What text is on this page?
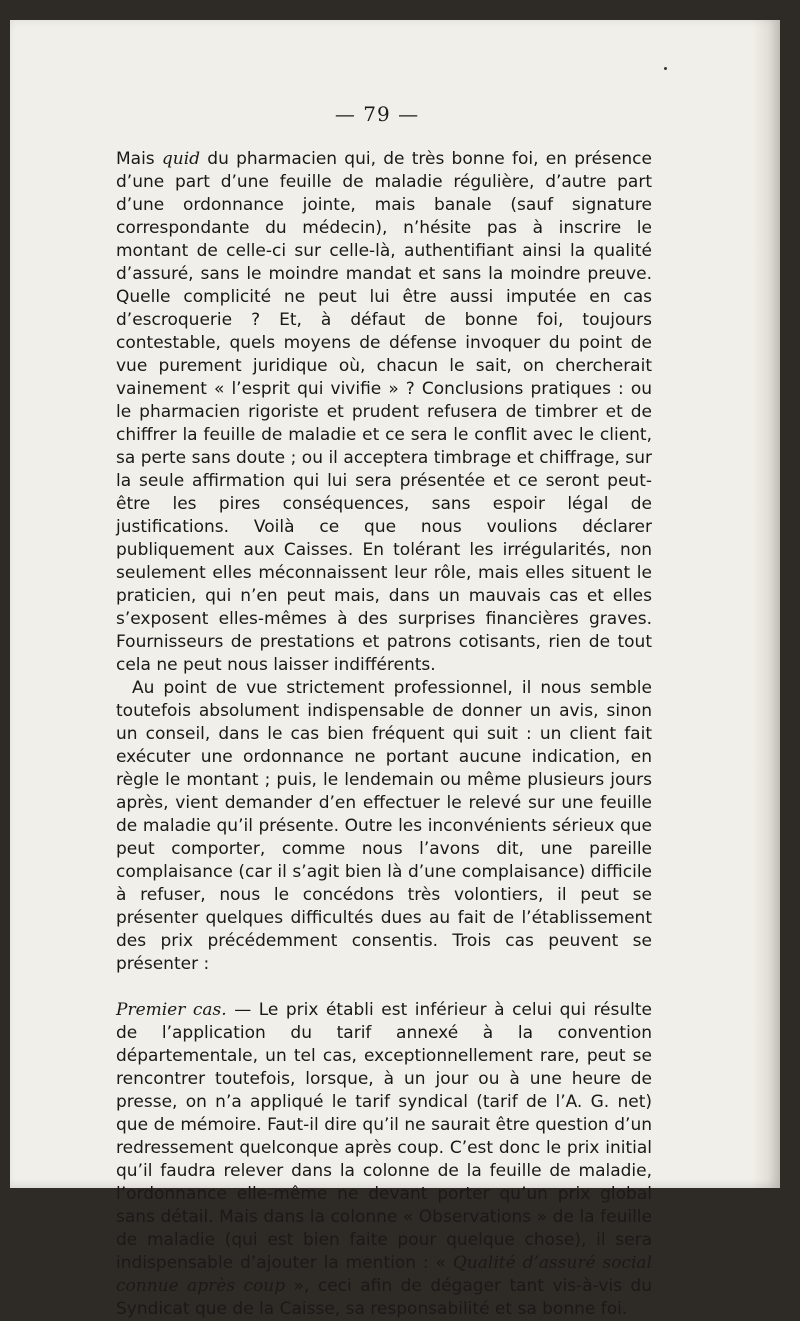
— 79 —

Mais quid du pharmacien qui, de très bonne foi, en présence d’une part d’une feuille de maladie régulière, d’autre part d’une ordonnance jointe, mais banale (sauf signature correspondante du médecin), n’hésite pas à inscrire le montant de celle-ci sur celle-là, authentifiant ainsi la qualité d’assuré, sans le moindre mandat et sans la moindre preuve. Quelle complicité ne peut lui être aussi imputée en cas d’escroquerie ? Et, à défaut de bonne foi, toujours contestable, quels moyens de défense invoquer du point de vue purement juridique où, chacun le sait, on chercherait vainement « l’esprit qui vivifie » ? Conclusions pratiques : ou le pharmacien rigoriste et prudent refusera de timbrer et de chiffrer la feuille de maladie et ce sera le conflit avec le client, sa perte sans doute ; ou il acceptera timbrage et chiffrage, sur la seule affirmation qui lui sera présentée et ce seront peut-être les pires conséquences, sans espoir légal de justifications. Voilà ce que nous voulions déclarer publiquement aux Caisses. En tolérant les irrégularités, non seulement elles méconnaissent leur rôle, mais elles situent le praticien, qui n’en peut mais, dans un mauvais cas et elles s’exposent elles-mêmes à des surprises financières graves. Fournisseurs de prestations et patrons cotisants, rien de tout cela ne peut nous laisser indifférents.

Au point de vue strictement professionnel, il nous semble toutefois absolument indispensable de donner un avis, sinon un conseil, dans le cas bien fréquent qui suit : un client fait exécuter une ordonnance ne portant aucune indication, en règle le montant ; puis, le lendemain ou même plusieurs jours après, vient demander d’en effectuer le relevé sur une feuille de maladie qu’il présente. Outre les inconvénients sérieux que peut comporter, comme nous l’avons dit, une pareille complaisance (car il s’agit bien là d’une complaisance) difficile à refuser, nous le concédons très volontiers, il peut se présenter quelques difficultés dues au fait de l’établissement des prix précédemment consentis. Trois cas peuvent se présenter :

Premier cas. — Le prix établi est inférieur à celui qui résulte de l’application du tarif annexé à la convention départementale, un tel cas, exceptionnellement rare, peut se rencontrer toutefois, lorsque, à un jour ou à une heure de presse, on n’a appliqué le tarif syndical (tarif de l’A. G. net) que de mémoire. Faut-il dire qu’il ne saurait être question d’un redressement quelconque après coup. C’est donc le prix initial qu’il faudra relever dans la colonne de la feuille de maladie, l’ordonnance elle-même ne devant porter qu’un prix global sans détail. Mais dans la colonne « Observations » de la feuille de maladie (qui est bien faite pour quelque chose), il sera indispensable d’ajouter la mention : « Qualité d’assuré social connue après coup », ceci afin de dégager tant vis-à-vis du Syndicat que de la Caisse, sa responsabilité et sa bonne foi.
